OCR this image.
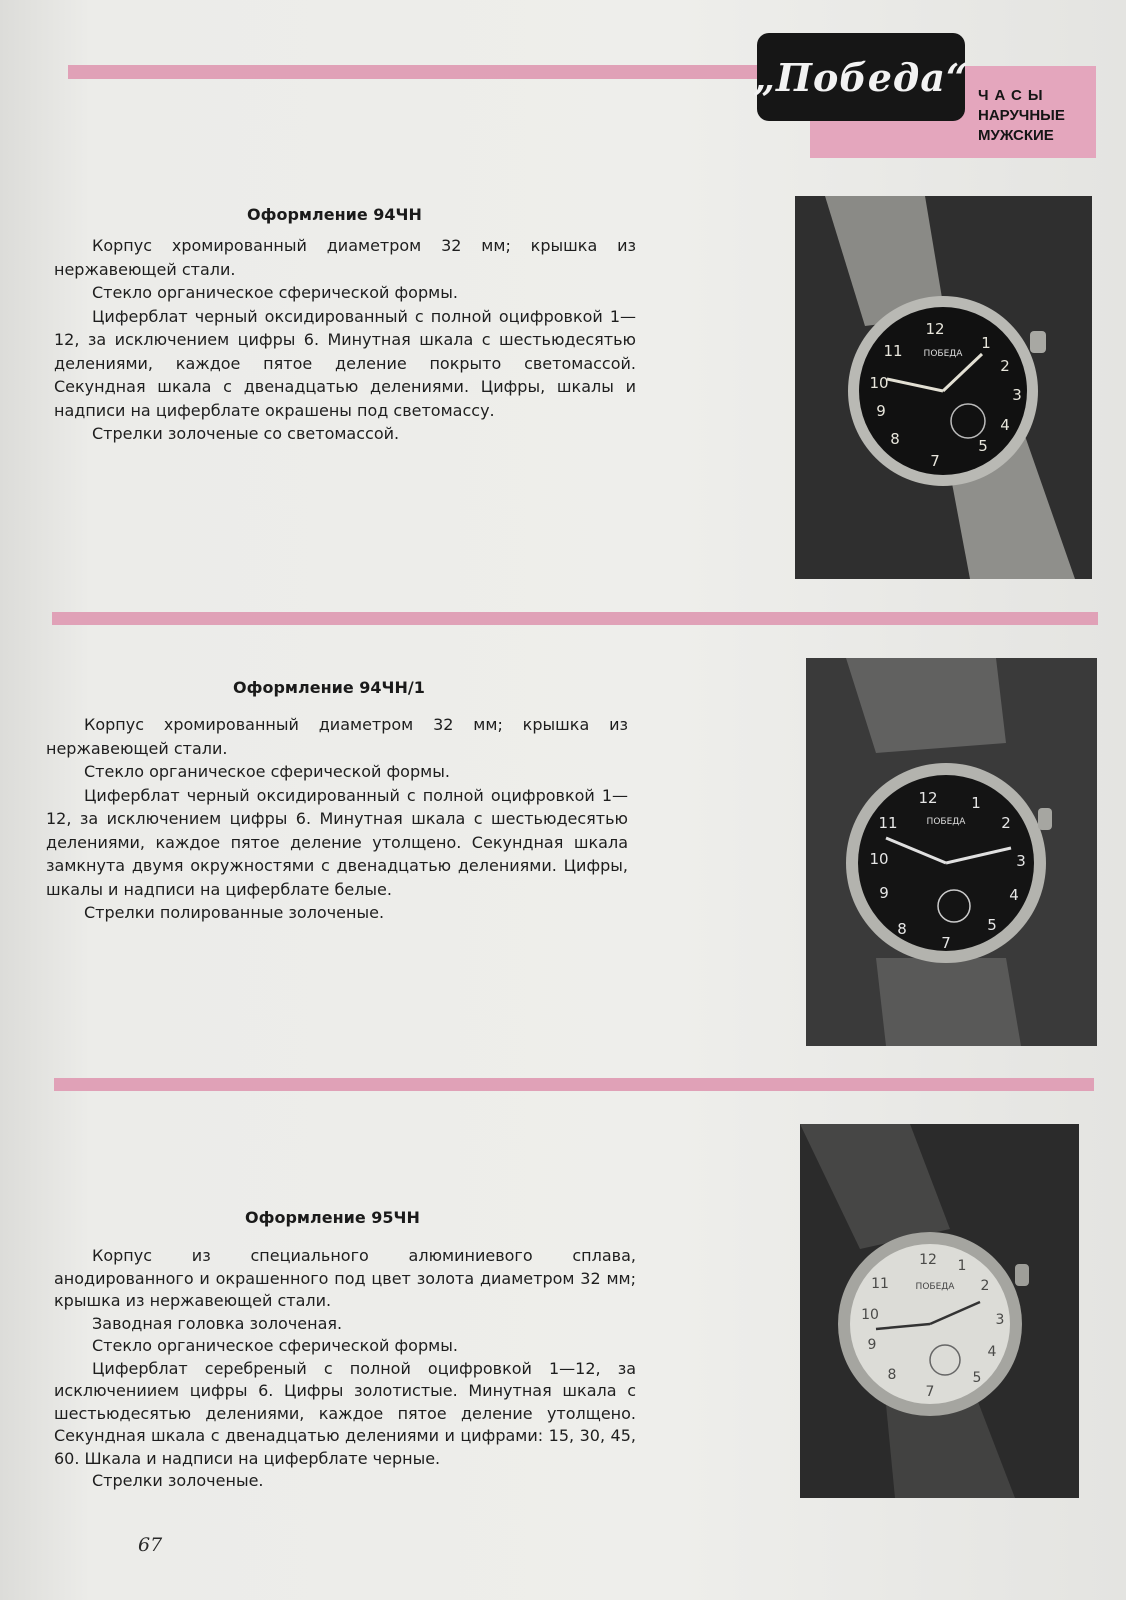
„Победа“ ЧАСЫ
НАРУЧНЫЕ
МУЖСКИЕ
Оформление 94ЧН

Корпус хромированный диаметром 32 мм; крышка из нержавеющей стали.

Стекло органическое сферической формы.

Циферблат черный оксидированный с полной оцифровкой 1—12, за исключением цифры 6. Минутная шкала с шестьюдесятью делениями, каждое пятое деление покрыто светомассой. Секундная шкала с двенадцатью делениями. Цифры, шкалы и надписи на циферблате окрашены под светомассу.

Стрелки золоченые со светомассой.

ПОБЕДА
12
1
2
3
4
5
7
8
9
10
11
Оформление 94ЧН/1

Корпус хромированный диаметром 32 мм; крышка из нержавеющей стали.

Стекло органическое сферической формы.

Циферблат черный оксидированный с полной оцифровкой 1—12, за исключением цифры 6. Минутная шкала с шестьюдесятью делениями, каждое пятое деление утолщено. Секундная шкала замкнута двумя окружностями с двенадцатью делениями. Цифры, шкалы и надписи на циферблате белые.

Стрелки полированные золоченые.

ПОБЕДА
12 1
2
3
4
5
7
8
9
10
11
Оформление 95ЧН

Корпус из специального алюминиевого сплава, анодированного и окрашенного под цвет золота диаметром 32 мм; крышка из нержавеющей стали.

Заводная головка золоченая.

Стекло органическое сферической формы.

Циферблат серебреный с полной оцифровкой 1—12, за исключениием цифры 6. Цифры золотистые. Минутная шкала с шестьюдесятью делениями, каждое пятое деление утолщено. Секундная шкала с двенадцатью делениями и цифрами: 15, 30, 45, 60. Шкала и надписи на циферблате черные.

Стрелки золоченые.

ПОБЕДА
12 1
2
3
4
5
7
8
9
10
11
67
